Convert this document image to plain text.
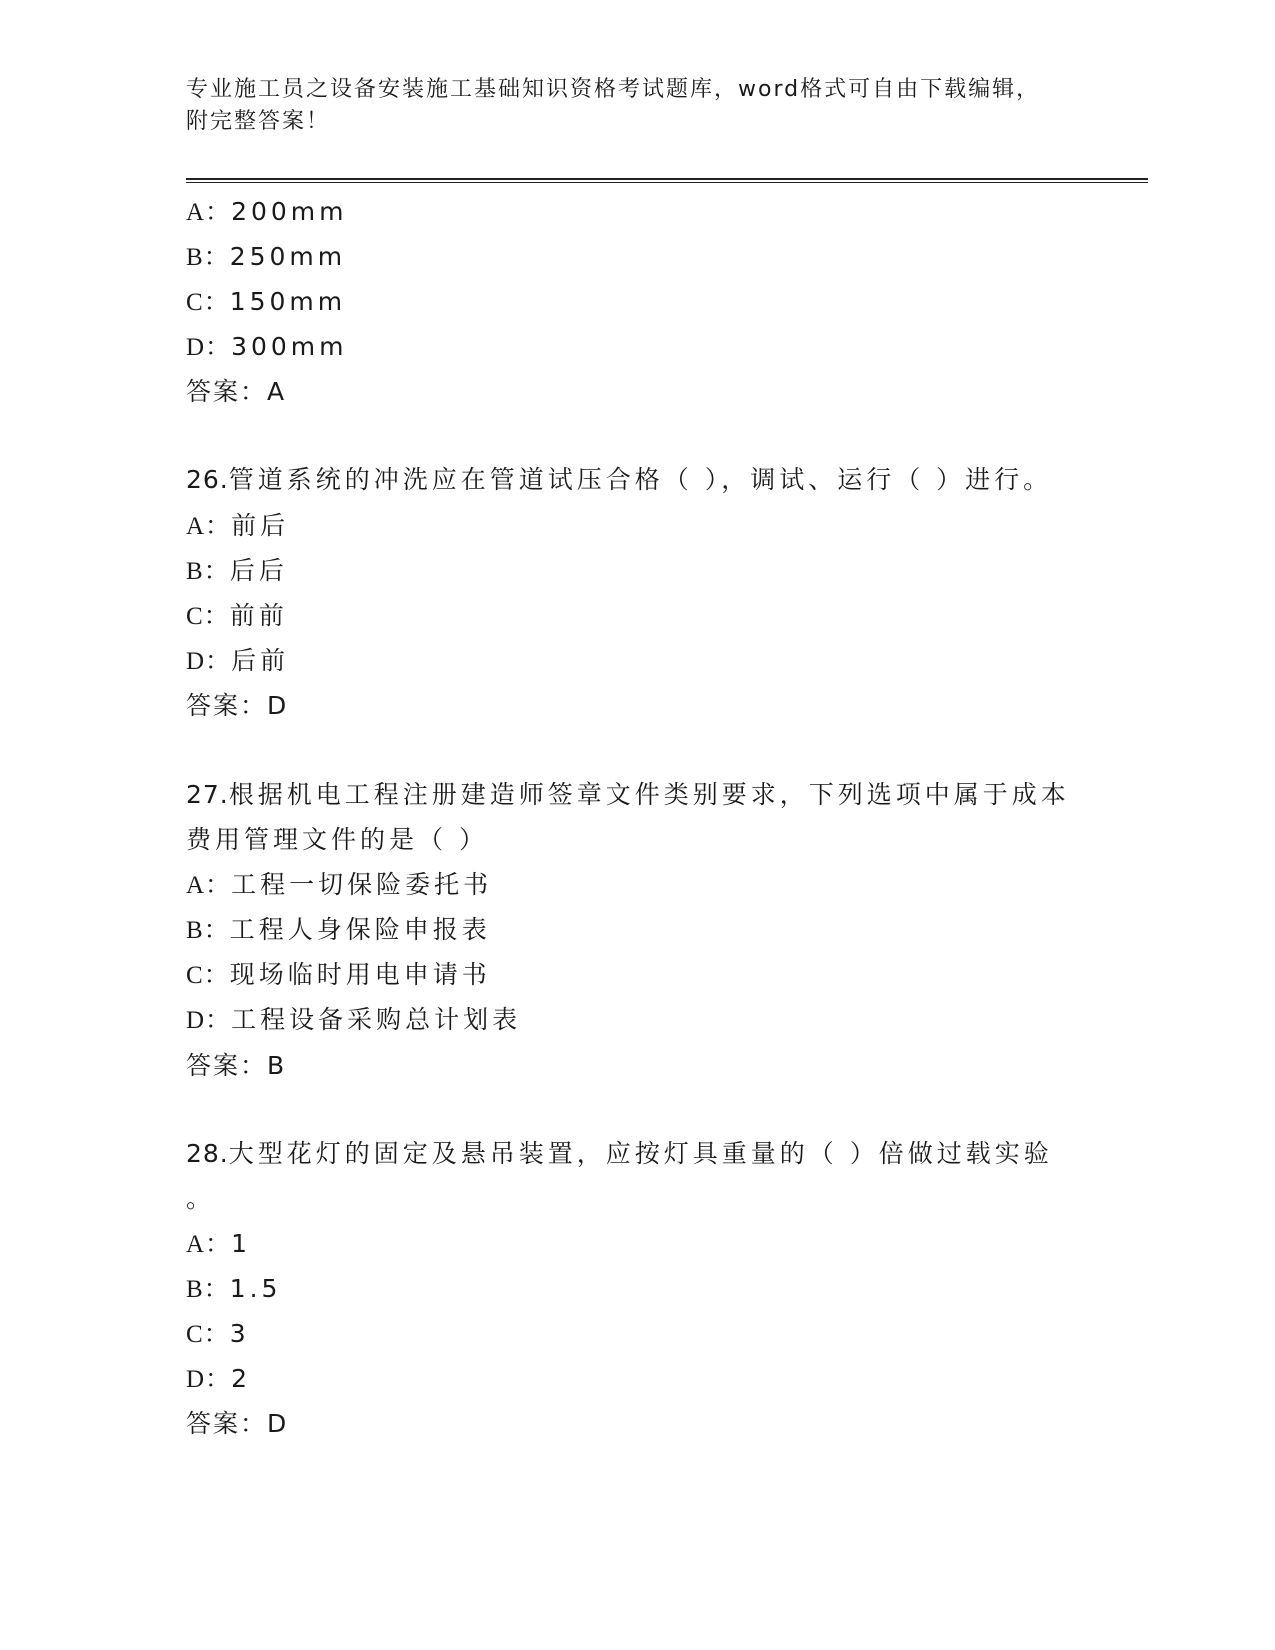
专业施工员之设备安装施工基础知识资格考试题库，word格式可自由下载编辑，
附完整答案！
A：200mm
B：250mm
C：150mm
D：300mm
答案：A
26.管道系统的冲洗应在管道试压合格（ ），调试、运行（ ）进行。
A：前后
B：后后
C：前前
D：后前
答案：D
27.根据机电工程注册建造师签章文件类别要求，下列选项中属于成本
费用管理文件的是（ ）
A：工程一切保险委托书
B：工程人身保险申报表
C：现场临时用电申请书
D：工程设备采购总计划表
答案：B
28.大型花灯的固定及悬吊装置，应按灯具重量的（ ）倍做过载实验
。
A：1
B：1.5
C：3
D：2
答案：D
